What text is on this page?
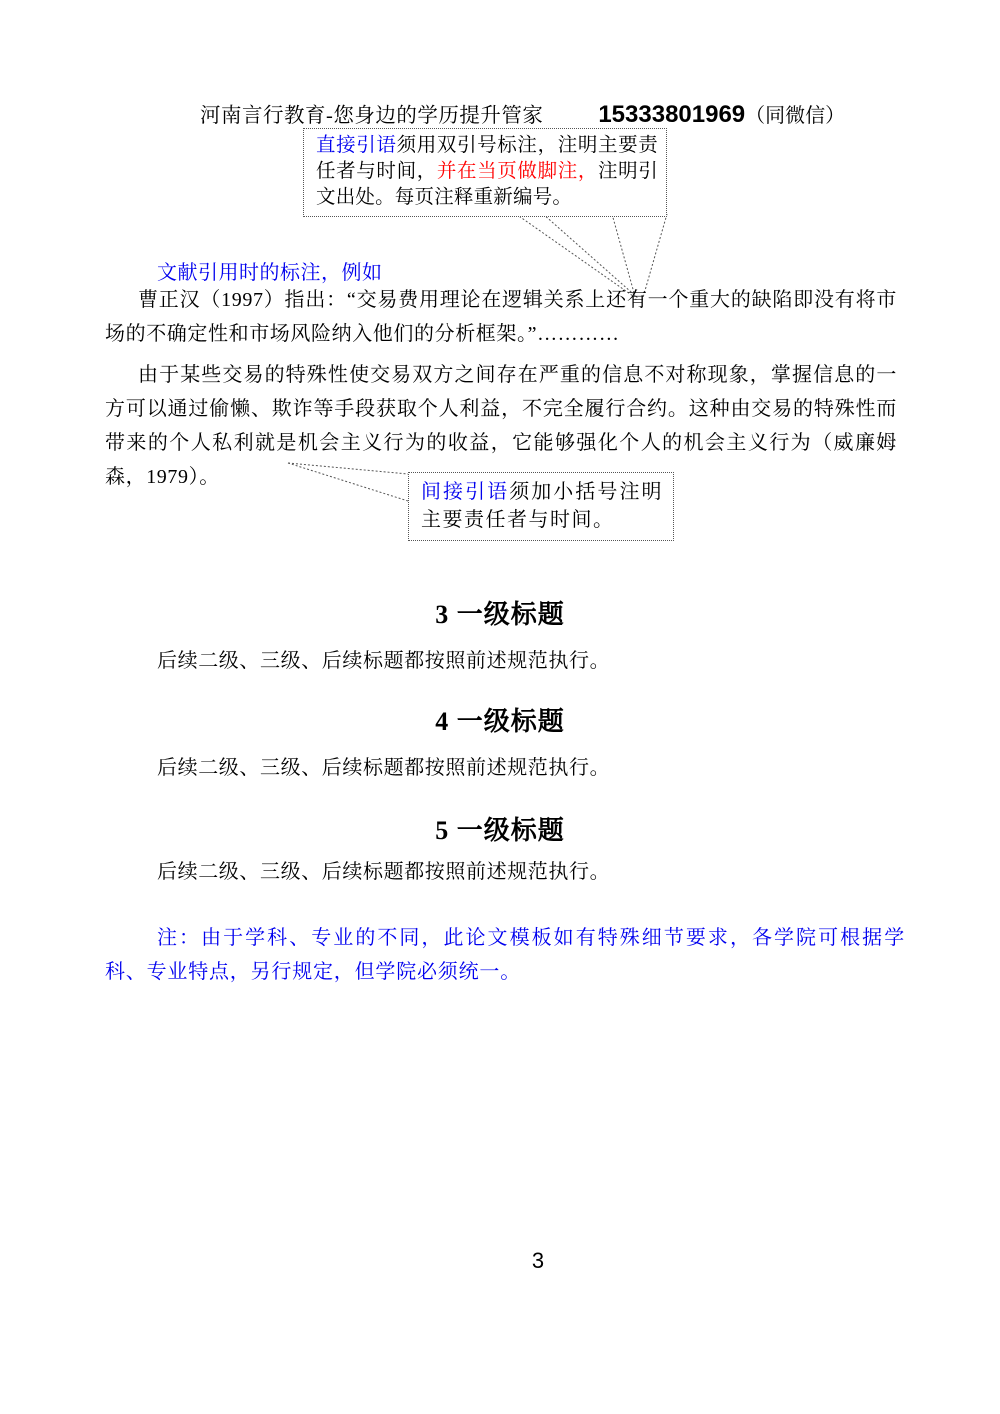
河南言行教育-您身边的学历提升管家 15333801969 （同微信）
直接引语须用双引号标注，注明主要责任者与时间，并在当页做脚注，注明引文出处。每页注释重新编号。
文献引用时的标注，例如
曹正汉（1997）指出：“交易费用理论在逻辑关系上还有一个重大的缺陷即没有将市场的不确定性和市场风险纳入他们的分析框架。”…………
由于某些交易的特殊性使交易双方之间存在严重的信息不对称现象，掌握信息的一方可以通过偷懒、欺诈等手段获取个人利益，不完全履行合约。这种由交易的特殊性而带来的个人私利就是机会主义行为的收益，它能够强化个人的机会主义行为（威廉姆森，1979）。
间接引语须加小括号注明主要责任者与时间。
3 一级标题
后续二级、三级、后续标题都按照前述规范执行。
4 一级标题
后续二级、三级、后续标题都按照前述规范执行。
5 一级标题
后续二级、三级、后续标题都按照前述规范执行。
注：由于学科、专业的不同，此论文模板如有特殊细节要求，各学院可根据学科、专业特点，另行规定，但学院必须统一。
3
